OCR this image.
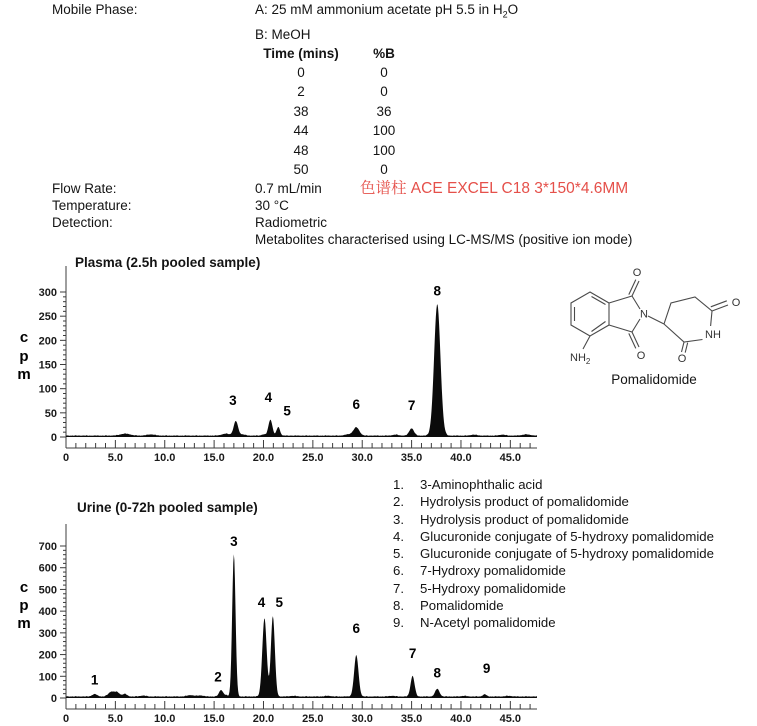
Mobile Phase:	A: 25 mM ammonium acetate pH 5.5 in $H_2O$
B: MeOH
Time (mins)	%B
0	0
2	0
38	36
44	100
48	100
50	0
Flow Rate:	0.7 mL/min
Temperature:	30 °C
Detection:	Radiometric
Metabolites characterised using LC-MS/MS (positive ion mode)
色谱柱 ACE EXCEL C18 3*150*4.6MM
Plasma (2.5h pooled sample)
0
50
100
150
200
250
300
0	5.0	10.0	15.0	20.0	25.0	30.0	35.0	40.0	45.0
3 4
5	6	7
8
c
p
m
Urine (0-72h pooled sample)
0
100
200
300
400
500
600
700
0	5.0	10.0	15.0	20.0	25.0	30.0	35.0	40.0	45.0
1	2
3
4 5
6
7
8	9
c
p
m
O
O
N
O
NH
O
$NH_2$
Pomalidomide
1.	3-Aminophthalic acid
2.	Hydrolysis product of pomalidomide
3.	Hydrolysis product of pomalidomide
4.	Glucuronide conjugate of 5-hydroxy pomalidomide
5.	Glucuronide conjugate of 5-hydroxy pomalidomide
6.	7-Hydroxy pomalidomide
7.	5-Hydroxy pomalidomide
8.	Pomalidomide
9.	N-Acetyl pomalidomide
